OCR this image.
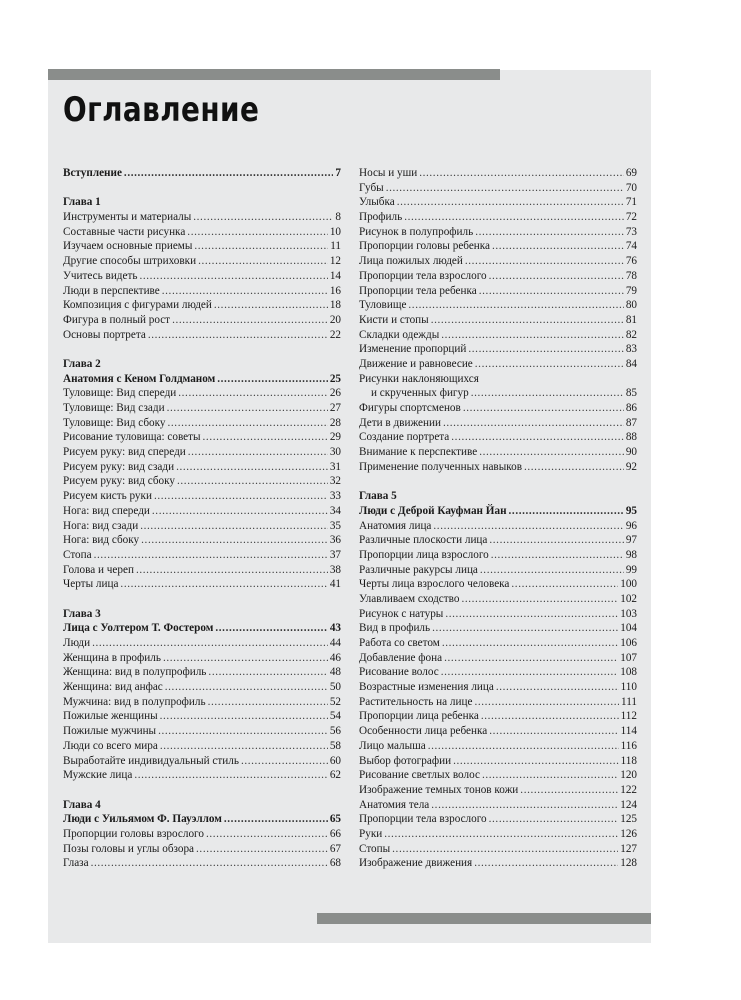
Оглавление
Вступление .....	7
Глава 1
Инструменты и материалы .....	8
Составные части рисунка .....	10
Изучаем основные приемы .....	11
Другие способы штриховки .....	12
Учитесь видеть .....	14
Люди в перспективе .....	16
Композиция с фигурами людей .....	18
Фигура в полный рост .....	20
Основы портрета .....	22
Глава 2
Анатомия с Кеном Голдманом .....	25
Туловище: Вид спереди .....	26
Туловище: Вид сзади .....	27
Туловище: Вид сбоку .....	28
Рисование туловища: советы .....	29
Рисуем руку: вид спереди .....	30
Рисуем руку: вид сзади .....	31
Рисуем руку: вид сбоку .....	32
Рисуем кисть руки .....	33
Нога: вид спереди .....	34
Нога: вид сзади .....	35
Нога: вид сбоку .....	36
Стопа .....	37
Голова и череп .....	38
Черты лица .....	41
Глава 3
Лица с Уолтером Т. Фостером .....	43
Люди .....	44
Женщина в профиль .....	46
Женщина: вид в полупрофиль .....	48
Женщина: вид анфас .....	50
Мужчина: вид в полупрофиль .....	52
Пожилые женщины .....	54
Пожилые мужчины .....	56
Люди со всего мира .....	58
Выработайте индивидуальный стиль .....	60
Мужские лица .....	62
Глава 4
Люди с Уильямом Ф. Пауэллом .....	65
Пропорции головы взрослого .....	66
Позы головы и углы обзора .....	67
Глаза .....	68
Носы и уши .....	69
Губы .....	70
Улыбка .....	71
Профиль .....	72
Рисунок в полупрофиль .....	73
Пропорции головы ребенка .....	74
Лица пожилых людей .....	76
Пропорции тела взрослого .....	78
Пропорции тела ребенка .....	79
Туловище .....	80
Кисти и стопы .....	81
Складки одежды .....	82
Изменение пропорций .....	83
Движение и равновесие .....	84
Рисунки наклоняющихся
и скрученных фигур .....	85
Фигуры спортсменов .....	86
Дети в движении .....	87
Создание портрета .....	88
Внимание к перспективе .....	90
Применение полученных навыков .....	92
Глава 5
Люди с Деброй Кауфман Йан .....	95
Анатомия лица .....	96
Различные плоскости лица .....	97
Пропорции лица взрослого .....	98
Различные ракурсы лица .....	99
Черты лица взрослого человека .....	100
Улавливаем сходство .....	102
Рисунок с натуры .....	103
Вид в профиль .....	104
Работа со светом .....	106
Добавление фона .....	107
Рисование волос .....	108
Возрастные изменения лица .....	110
Растительность на лице .....	111
Пропорции лица ребенка .....	112
Особенности лица ребенка .....	114
Лицо малыша .....	116
Выбор фотографии .....	118
Рисование светлых волос .....	120
Изображение темных тонов кожи .....	122
Анатомия тела .....	124
Пропорции тела взрослого .....	125
Руки .....	126
Стопы .....	127
Изображение движения .....	128
